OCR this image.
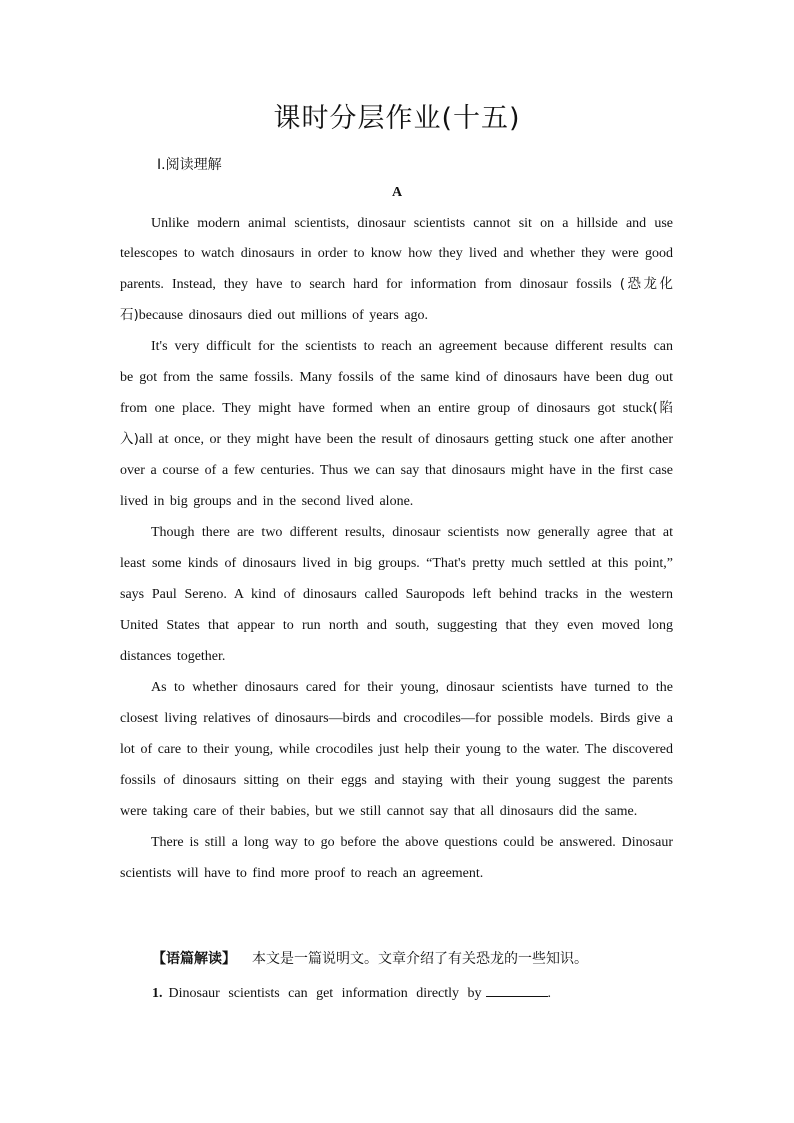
课时分层作业(十五)
Ⅰ.阅读理解
A

Unlike modern animal scientists, dinosaur scientists cannot sit on a hillside and use telescopes to watch dinosaurs in order to know how they lived and whether they were good parents. Instead, they have to search hard for information from dinosaur fossils (恐龙化石)because dinosaurs died out millions of years ago.

It's very difficult for the scientists to reach an agreement because different results can be got from the same fossils. Many fossils of the same kind of dinosaurs have been dug out from one place. They might have formed when an entire group of dinosaurs got stuck(陷入)all at once, or they might have been the result of dinosaurs getting stuck one after another over a course of a few centuries. Thus we can say that dinosaurs might have in the first case lived in big groups and in the second lived alone.

Though there are two different results, dinosaur scientists now generally agree that at least some kinds of dinosaurs lived in big groups. “That's pretty much settled at this point,” says Paul Sereno. A kind of dinosaurs called Sauropods left behind tracks in the western United States that appear to run north and south, suggesting that they even moved long distances together.

As to whether dinosaurs cared for their young, dinosaur scientists have turned to the closest living relatives of dinosaurs—birds and crocodiles—for possible models. Birds give a lot of care to their young, while crocodiles just help their young to the water. The discovered fossils of dinosaurs sitting on their eggs and staying with their young suggest the parents were taking care of their babies, but we still cannot say that all dinosaurs did the same.

There is still a long way to go before the above questions could be answered. Dinosaur scientists will have to find more proof to reach an agreement.

【语篇解读】 本文是一篇说明文。文章介绍了有关恐龙的一些知识。
1. Dinosaur scientists can get information directly by	.
